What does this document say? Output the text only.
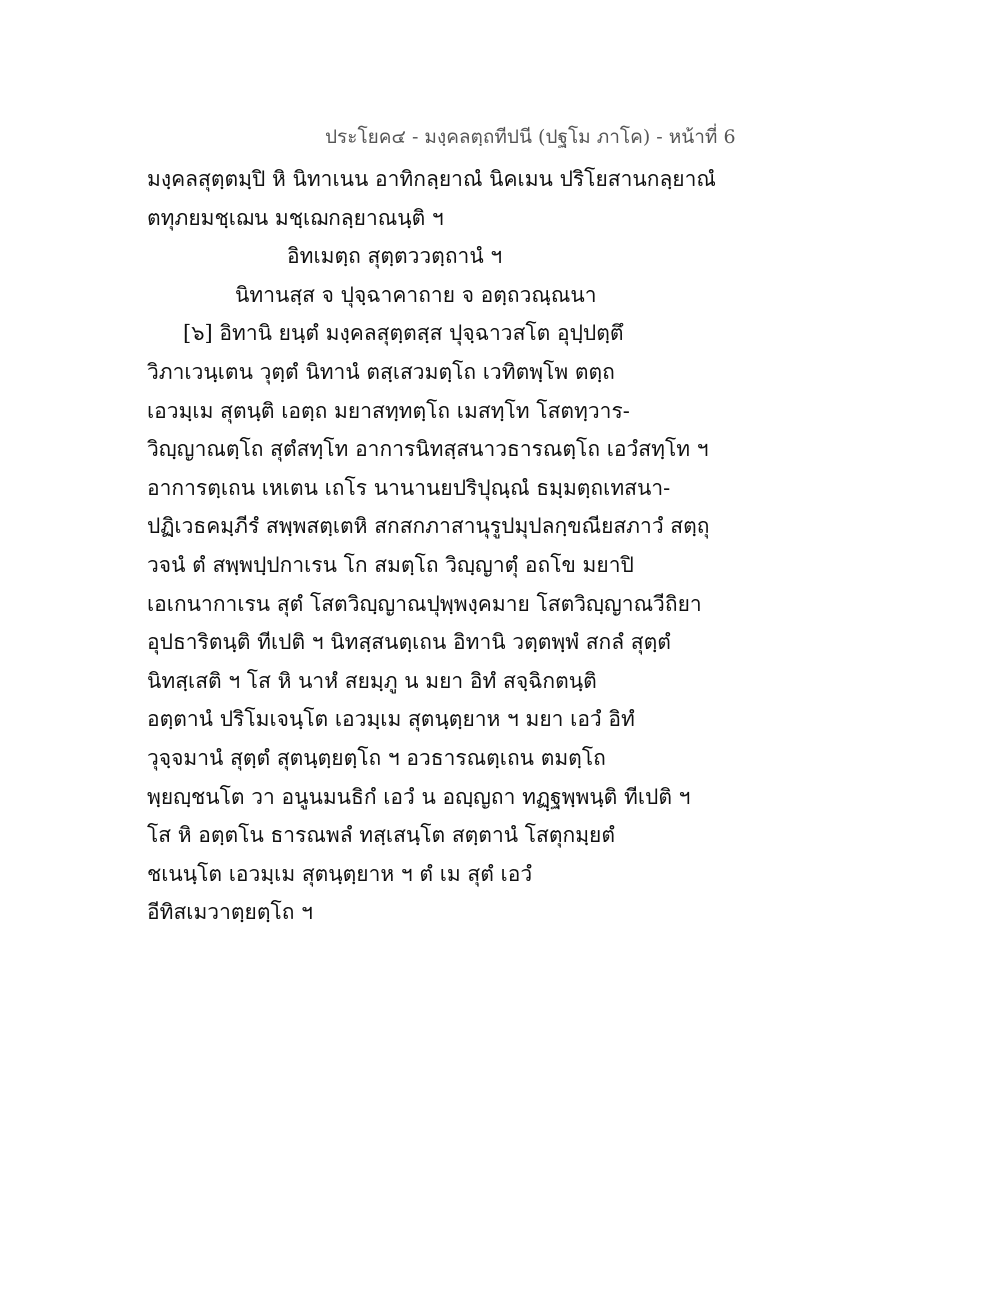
ประโยค๔ - มงฺคลตฺถทีปนี (ปฐโม ภาโค) - หน้าที่ 6
มงฺคลสุตฺตมฺปิ หิ นิทาเนน อาทิกลฺยาณํ นิคเมน ปริโยสานกลฺยาณํ
ตทุภยมชฺเฌน มชฺเฌกลฺยาณนฺติ ฯ
อิทเมตฺถ สุตฺตววตฺถานํ ฯ
นิทานสฺส จ ปุจฺฉาคาถาย จ อตฺถวณฺณนา
[๖] อิทานิ ยนฺตํ มงฺคลสุตฺตสฺส ปุจฺฉาวสโต อุปฺปตฺตึ
วิภาเวนฺเตน วุตฺตํ นิทานํ ตสฺเสวมตฺโถ เวทิตพฺโพ ตตฺถ
เอวมฺเม สุตนฺติ เอตฺถ มยาสทฺทตฺโถ เมสทฺโท โสตทฺวาร-
วิญฺญาณตฺโถ สุตํสทฺโท อาการนิทสฺสนาวธารณตฺโถ เอวํสทฺโท ฯ
อาการตฺเถน เหเตน เถโร นานานยปริปุณฺณํ ธมฺมตฺถเทสนา-
ปฏิเวธคมฺภีรํ สพฺพสตฺเตหิ สกสกภาสานุรูปมุปลกฺขณียสภาวํ สตฺถุ
วจนํ ตํ สพฺพปฺปกาเรน โก สมตฺโถ วิญฺญาตุํ อถโข มยาปิ
เอเกนากาเรน สุตํ โสตวิญฺญาณปุพฺพงฺคมาย โสตวิญฺญาณวีถิยา
อุปธาริตนฺติ ทีเปติ ฯ นิทสฺสนตฺเถน อิทานิ วตฺตพฺพํ สกลํ สุตฺตํ
นิทสฺเสติ ฯ โส หิ นาหํ สยมฺภู น มยา อิทํ สจฺฉิกตนฺติ
อตฺตานํ ปริโมเจนฺโต เอวมฺเม สุตนฺตฺยาห ฯ มยา เอวํ อิทํ
วุจฺจมานํ สุตฺตํ สุตนฺตฺยตฺโถ ฯ อวธารณตฺเถน ตมตฺโถ
พฺยญฺชนโต วา อนูนมนธิกํ เอวํ น อญฺญถา ทฏฺฐพฺพนฺติ ทีเปติ ฯ
โส หิ อตฺตโน ธารณพลํ ทสฺเสนฺโต สตฺตานํ โสตุกมฺยตํ
ชเนนฺโต เอวมฺเม สุตนฺตฺยาห ฯ ตํ เม สุตํ เอวํ
อีทิสเมวาตฺยตฺโถ ฯ
